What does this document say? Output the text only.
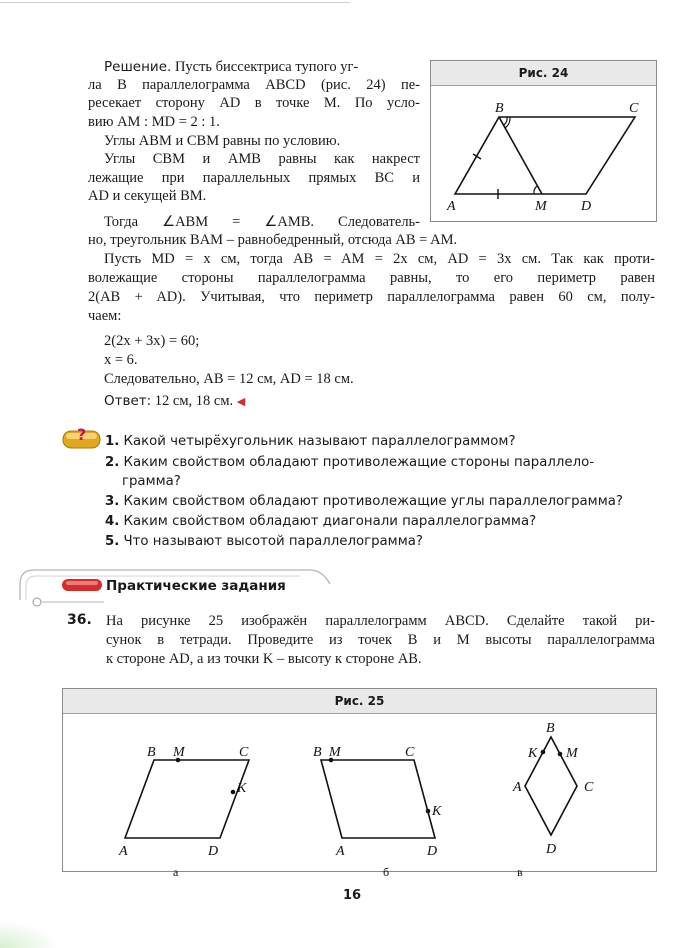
Рис. 24
B	C
A	M D
Решение. Пусть биссектриса тупого уг-
ла B параллелограмма ABCD (рис. 24) пе-
ресекает сторону AD в точке M. По усло-
вию AM : MD = 2 : 1.
Углы ABM и CBM равны по условию.
Углы CBM и AMB равны как накрест
лежащие при параллельных прямых BC и
AD и секущей BM.
Тогда ∠ABM = ∠AMB. Следователь-
но, треугольник BAM – равнобедренный, отсюда AB = AM.
Пусть MD = x см, тогда AB = AM = 2x см, AD = 3x см. Так как проти-
волежащие стороны параллелограмма равны, то его периметр равен
2(AB + AD). Учитывая, что периметр параллелограмма равен 60 см, полу-
чаем:
2(2x + 3x) = 60;
x = 6.
Следовательно, AB = 12 см, AD = 18 см.
Ответ: 12 см, 18 см. ◀
? 1. Какой четырёхугольник называют параллелограммом?
2. Каким свойством обладают противолежащие стороны параллело-
грамма?
3. Каким свойством обладают противолежащие углы параллелограмма?
4. Каким свойством обладают диагонали параллелограмма?
5. Что называют высотой параллелограмма?
Практические задания
36. На рисунке 25 изображён параллелограмм ABCD. Сделайте такой ри-
сунок в тетради. Проведите из точек B и M высоты параллелограмма
к стороне AD, а из точки K – высоту к стороне AB.
Рис. 25
B M	C
K
A	D
а
B M	C
K
A	D
б
B
K M
A	C
D
в
16
